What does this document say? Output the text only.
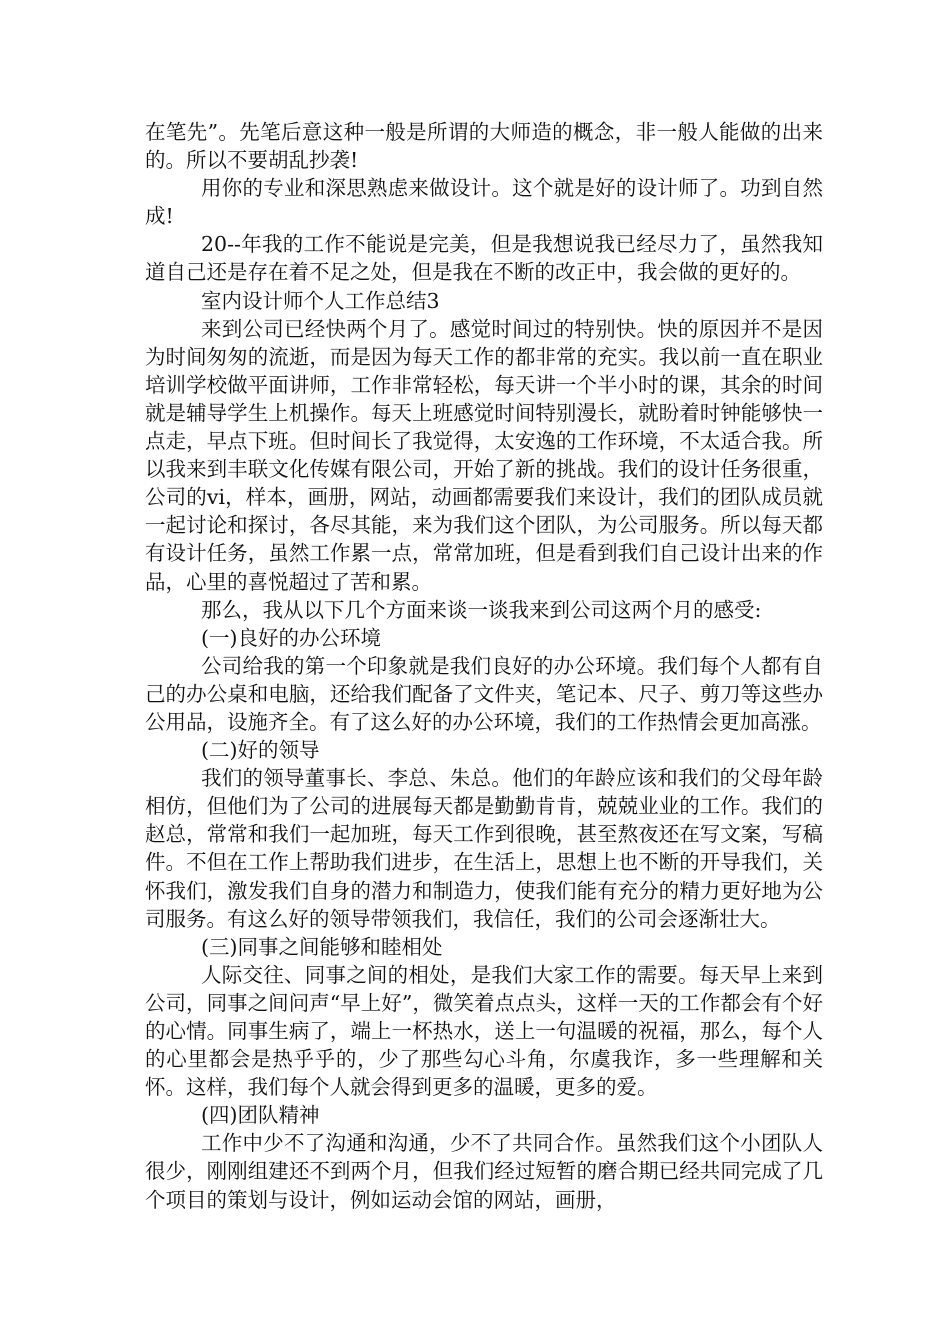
在笔先”。先笔后意这种一般是所谓的大师造的概念，非一般人能做的出来的。所以不要胡乱抄袭!

用你的专业和深思熟虑来做设计。这个就是好的设计师了。功到自然成!

20--年我的工作不能说是完美，但是我想说我已经尽力了，虽然我知道自己还是存在着不足之处，但是我在不断的改正中，我会做的更好的。

室内设计师个人工作总结3

来到公司已经快两个月了。感觉时间过的特别快。快的原因并不是因为时间匆匆的流逝，而是因为每天工作的都非常的充实。我以前一直在职业培训学校做平面讲师，工作非常轻松，每天讲一个半小时的课，其余的时间就是辅导学生上机操作。每天上班感觉时间特别漫长，就盼着时钟能够快一点走，早点下班。但时间长了我觉得，太安逸的工作环境，不太适合我。所以我来到丰联文化传媒有限公司，开始了新的挑战。我们的设计任务很重，公司的vi，样本，画册，网站，动画都需要我们来设计，我们的团队成员就一起讨论和探讨，各尽其能，来为我们这个团队，为公司服务。所以每天都有设计任务，虽然工作累一点，常常加班，但是看到我们自己设计出来的作品，心里的喜悦超过了苦和累。

那么，我从以下几个方面来谈一谈我来到公司这两个月的感受:

(一)良好的办公环境

公司给我的第一个印象就是我们良好的办公环境。我们每个人都有自己的办公桌和电脑，还给我们配备了文件夹，笔记本、尺子、剪刀等这些办公用品，设施齐全。有了这么好的办公环境，我们的工作热情会更加高涨。

(二)好的领导

我们的领导董事长、李总、朱总。他们的年龄应该和我们的父母年龄相仿，但他们为了公司的进展每天都是勤勤肯肯，兢兢业业的工作。我们的赵总，常常和我们一起加班，每天工作到很晚，甚至熬夜还在写文案，写稿件。不但在工作上帮助我们进步，在生活上，思想上也不断的开导我们，关怀我们，激发我们自身的潜力和制造力，使我们能有充分的精力更好地为公司服务。有这么好的领导带领我们，我信任，我们的公司会逐渐壮大。

(三)同事之间能够和睦相处

人际交往、同事之间的相处，是我们大家工作的需要。每天早上来到公司，同事之间问声“早上好”，微笑着点点头，这样一天的工作都会有个好的心情。同事生病了，端上一杯热水，送上一句温暖的祝福，那么，每个人的心里都会是热乎乎的，少了那些勾心斗角，尔虞我诈，多一些理解和关怀。这样，我们每个人就会得到更多的温暖，更多的爱。

(四)团队精神

工作中少不了沟通和沟通，少不了共同合作。虽然我们这个小团队人很少，刚刚组建还不到两个月，但我们经过短暂的磨合期已经共同完成了几个项目的策划与设计，例如运动会馆的网站，画册，
